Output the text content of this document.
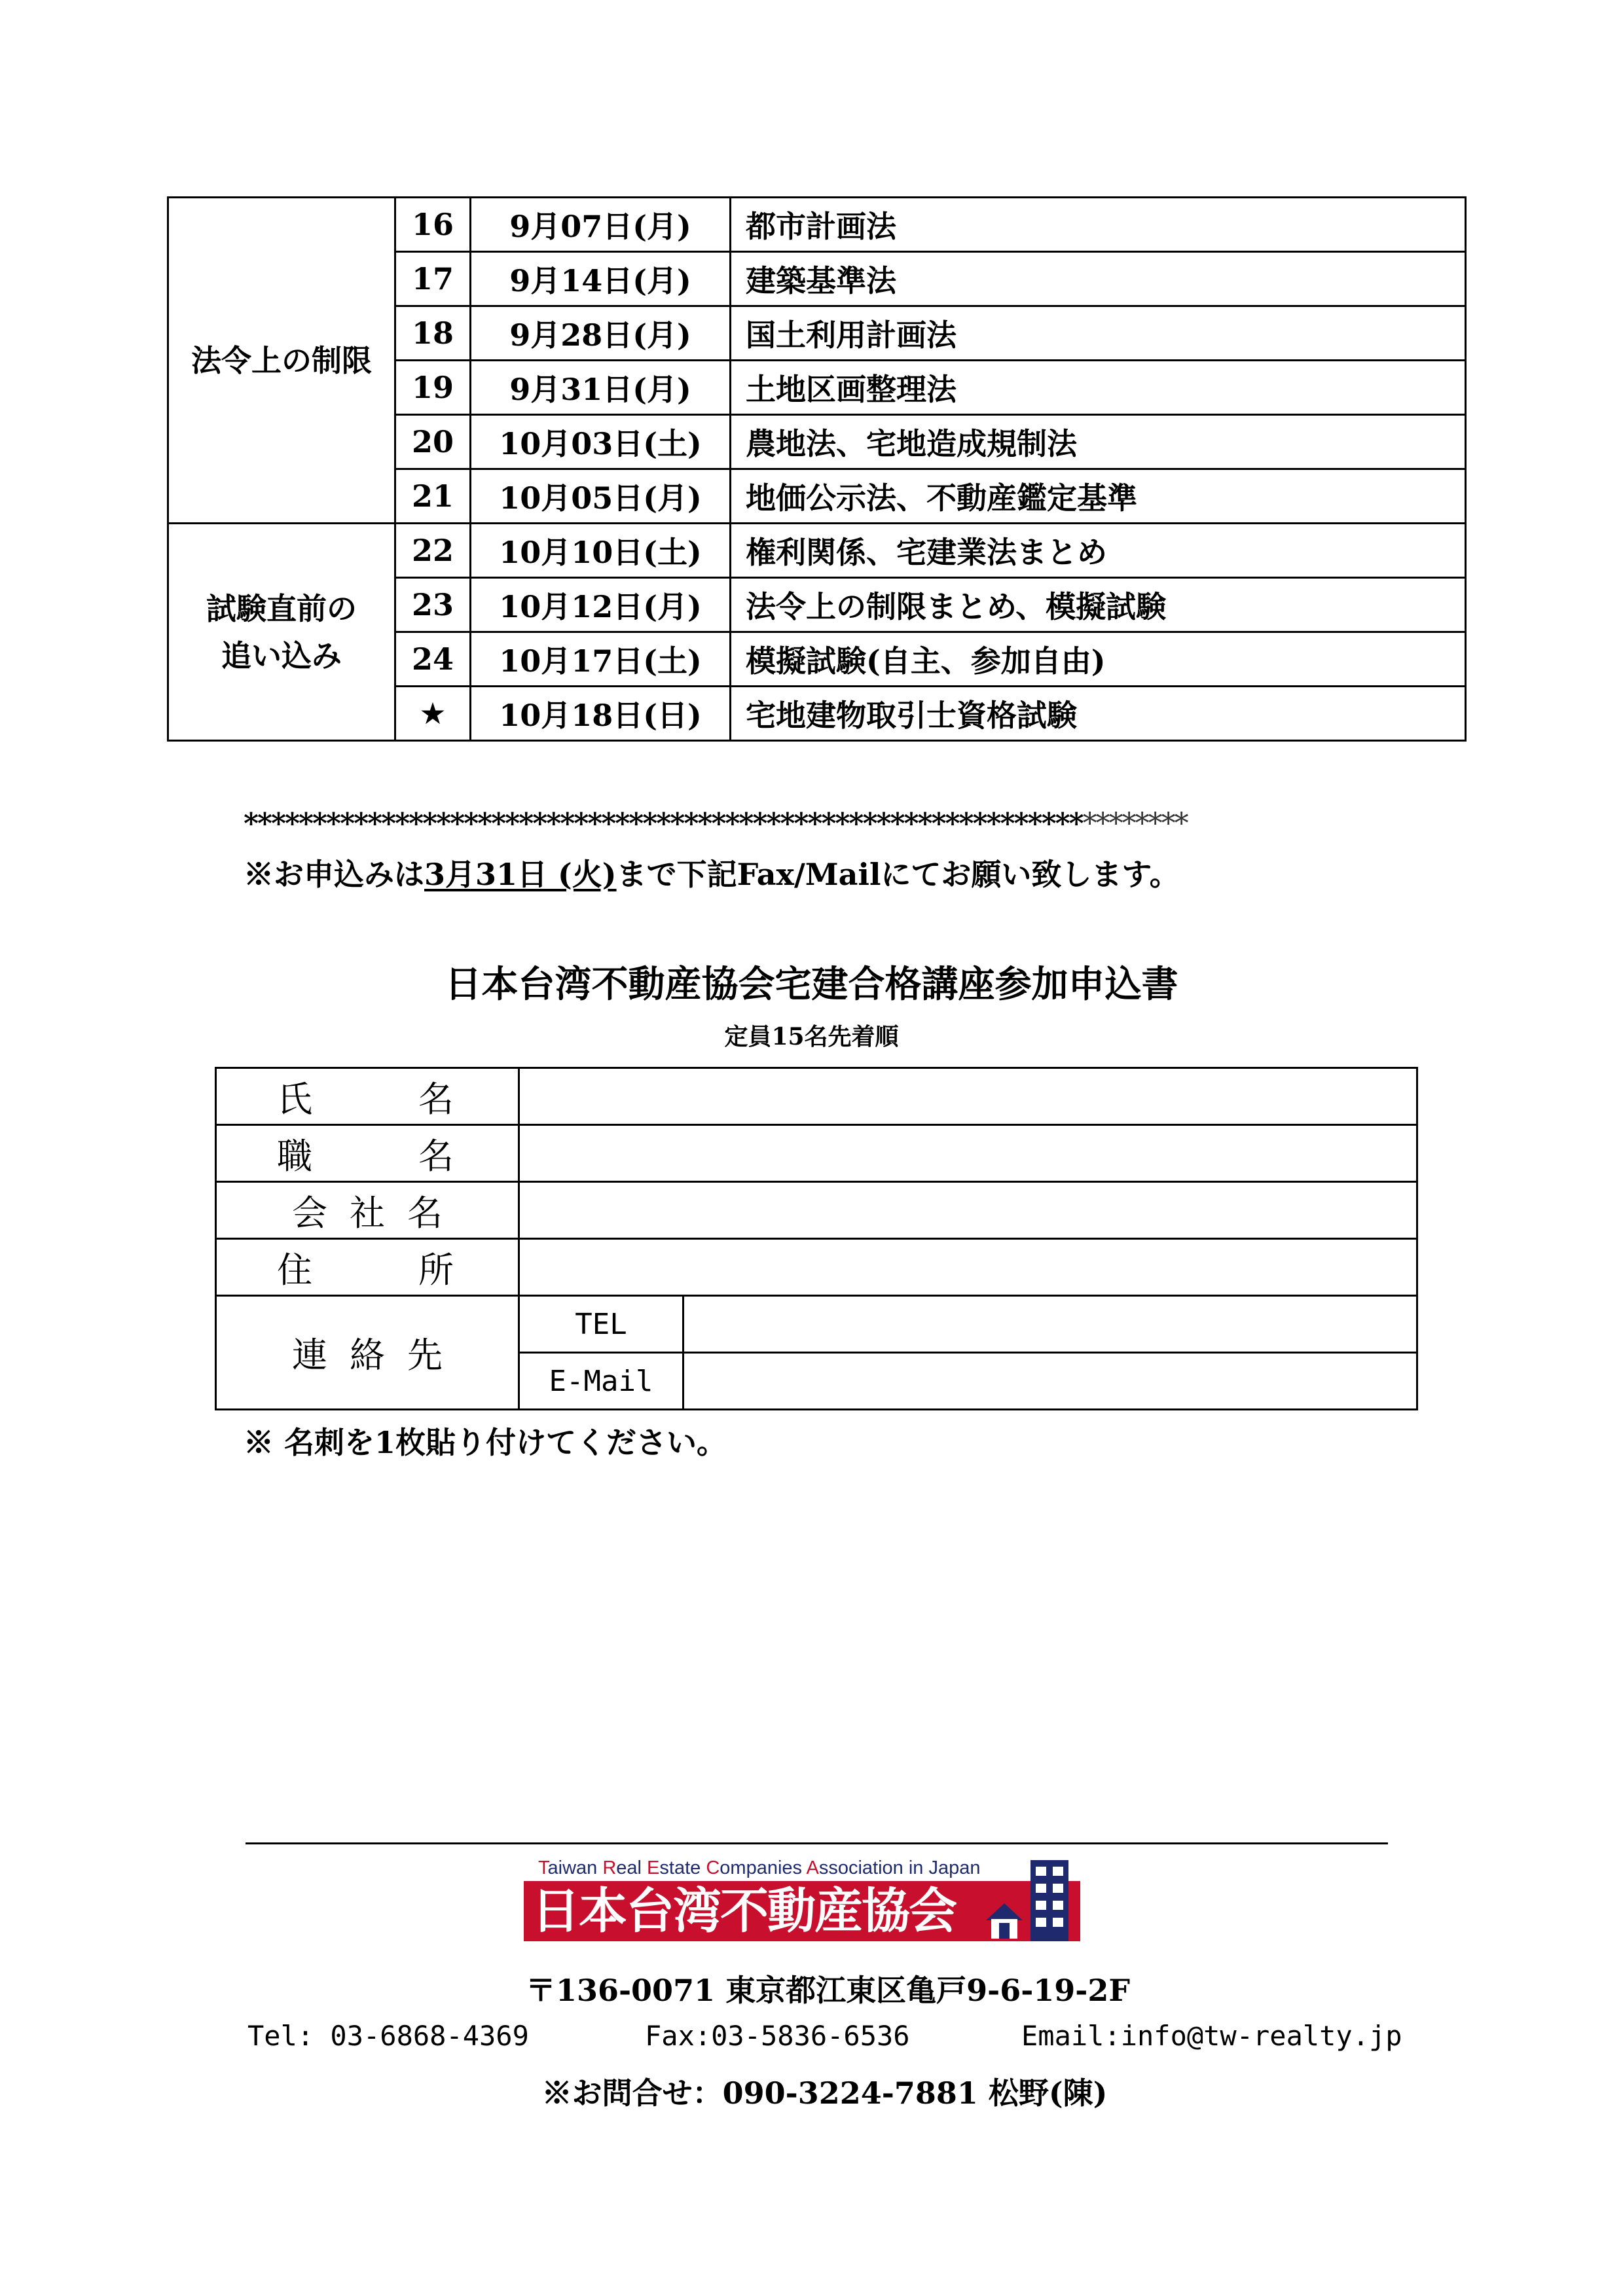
法令上の制限	16	9月07日(月)	都市計画法
	17	9月14日(月)	建築基準法
	18	9月28日(月)	国土利用計画法
	19	9月31日(月)	土地区画整理法
	20	10月03日(土)	農地法、宅地造成規制法
	21	10月05日(月)	地価公示法、不動産鑑定基準
試験直前の
追い込み	22	10月10日(土)	権利関係、宅建業法まとめ
	23	10月12日(月)	法令上の制限まとめ、模擬試験
	24	10月17日(土)	模擬試験(自主、参加自由)
	★	10月18日(日)	宅地建物取引士資格試験
*********************************************************************
※お申込みは3月31日 (火)まで下記Fax/Mailにてお願い致します。
日本台湾不動産協会宅建合格講座参加申込書
定員15名先着順
氏 名		

職 名		

会 社 名		

住 所		

連 絡 先	TEL	
	E-Mail	
※ 名刺を1枚貼り付けてください。
Taiwan Real Estate Companies Association in Japan
日本台湾不動産協会
〒136-0071 東京都江東区亀戸9-6-19-2F
Tel: 03-6868-4369	Fax:03-5836-6536	Email:info@tw-realty.jp
※お問合せ：090-3224-7881 松野(陳)
